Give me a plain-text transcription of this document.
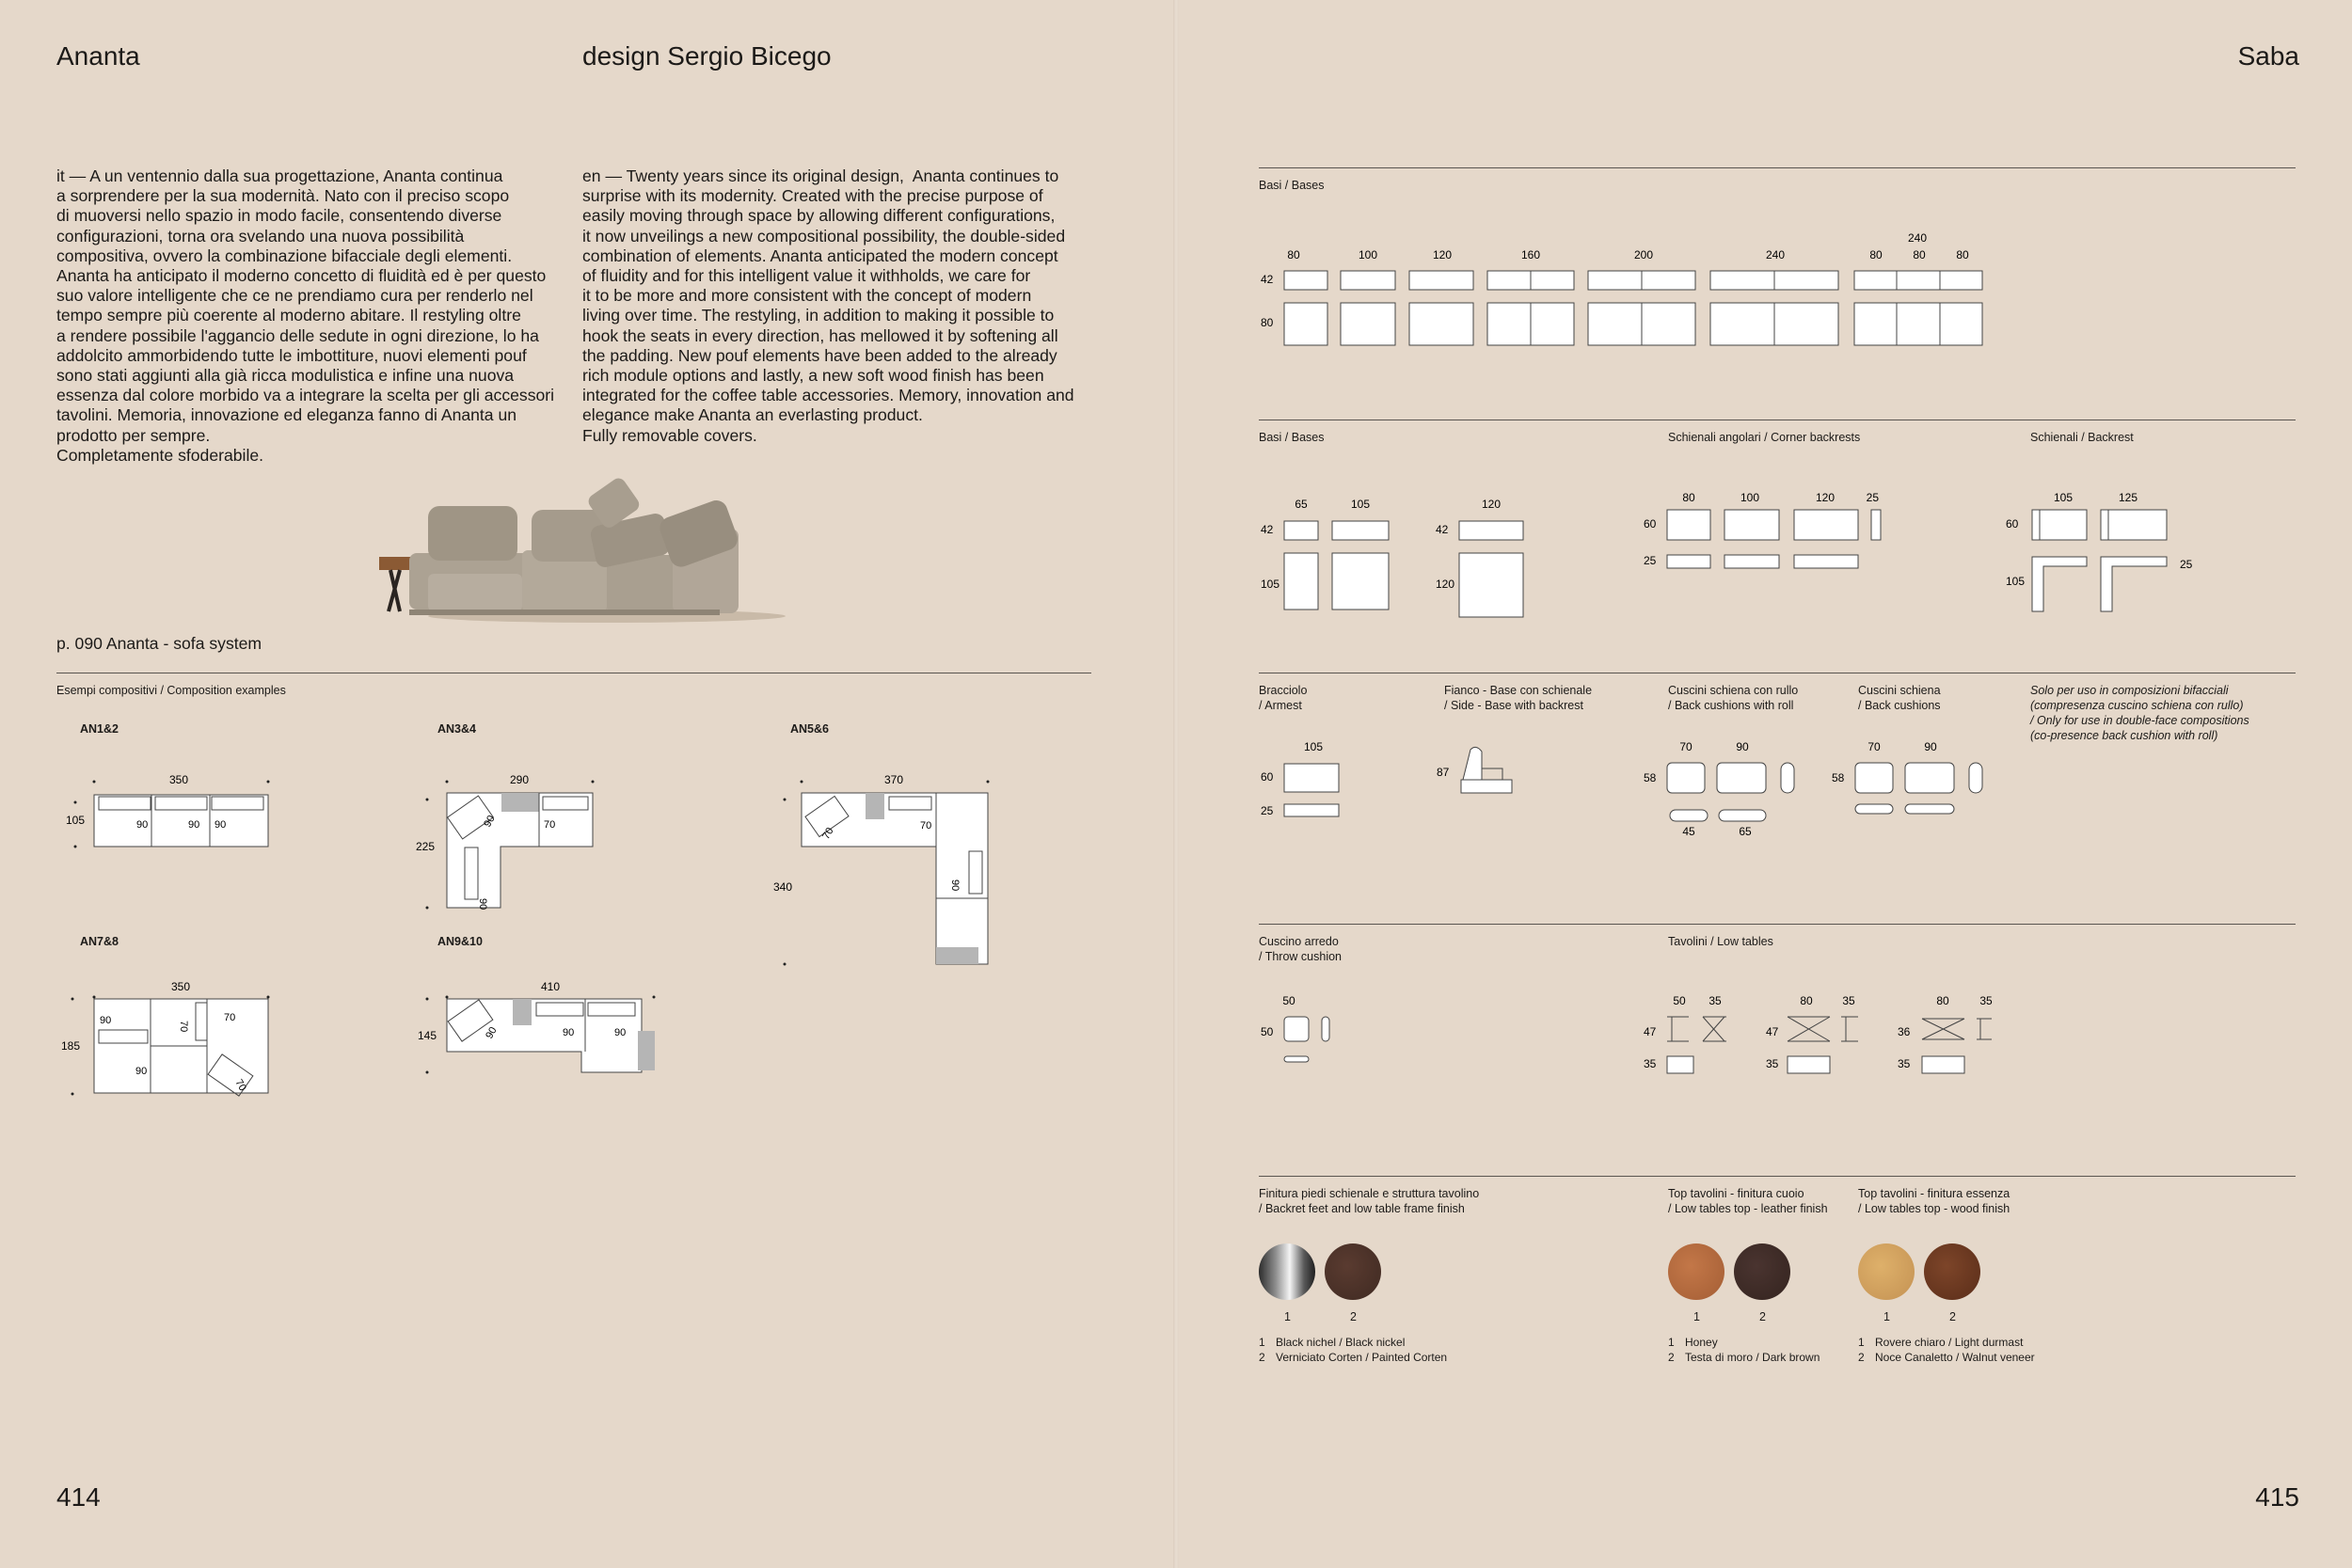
Ananta	design Sergio Bicego
it — A un ventennio dalla sua progettazione, Ananta continua
a sorprendere per la sua modernità. Nato con il preciso scopo
di muoversi nello spazio in modo facile, consentendo diverse
configurazioni, torna ora svelando una nuova possibilità
compositiva, ovvero la combinazione bifacciale degli elementi.
Ananta ha anticipato il moderno concetto di fluidità ed è per questo
suo valore intelligente che ce ne prendiamo cura per renderlo nel
tempo sempre più coerente al moderno abitare. Il restyling oltre
a rendere possibile l'aggancio delle sedute in ogni direzione, lo ha
addolcito ammorbidendo tutte le imbottiture, nuovi elementi pouf
sono stati aggiunti alla già ricca modulistica e infine una nuova
essenza dal colore morbido va a integrare la scelta per gli accessori
tavolini. Memoria, innovazione ed eleganza fanno di Ananta un
prodotto per sempre.
Completamente sfoderabile.
en — Twenty years since its original design,  Ananta continues to
surprise with its modernity. Created with the precise purpose of
easily moving through space by allowing different configurations,
it now unveilings a new compositional possibility, the double-sided
combination of elements. Ananta anticipated the modern concept
of fluidity and for this intelligent value it withholds, we care for
it to be more and more consistent with the concept of modern
living over time. The restyling, in addition to making it possible to
hook the seats in every direction, has mellowed it by softening all
the padding. New pouf elements have been added to the already
rich module options and lastly, a new soft wood finish has been
integrated for the coffee table accessories. Memory, innovation and
elegance make Ananta an everlasting product.
Fully removable covers.
p. 090 Ananta - sofa system
Esempi compositivi / Composition examples
AN1&2
350
105	90	90 90
AN3&4
290
225
90	70
90
AN5&6
370
340
70	70
90
AN7&8
350
185
90	70
70
90
70
AN9&10
410
145	90	90	90
414
Saba
Basi / Bases
240
80	100	120	160	200	240	80	80	80
42
80
Basi / Bases	Schienali angolari / Corner backrests	Schienali / Backrest
65	105	120
42
105
42
120
80	100	120	25
60
25
105	125
60
105
25
Bracciolo
/ Armest
Fianco - Base con schienale
/ Side - Base with backrest
Cuscini schiena con rullo
/ Back cushions with roll
Cuscini schiena
/ Back cushions
Solo per uso in composizioni bifacciali
(compresenza cuscino schiena con rullo)
/ Only for use in double-face compositions
(co-presence back cushion with roll)
105
60
25
87
70	90
58
45	65
70	90
58
Cuscino arredo
/ Throw cushion
Tavolini / Low tables
50
50
50 35
47
35
80	35
47
35
80	35
36
35
Finitura piedi schienale e struttura tavolino
/ Backret feet and low table frame finish
Top tavolini - finitura cuoio
/ Low tables top - leather finish
Top tavolini - finitura essenza
/ Low tables top - wood finish
1	2	1	2	1	2
1 Black nichel / Black nickel
2 Verniciato Corten / Painted Corten
1 Honey
2 Testa di moro / Dark brown
1 Rovere chiaro / Light durmast
2 Noce Canaletto / Walnut veneer
415
